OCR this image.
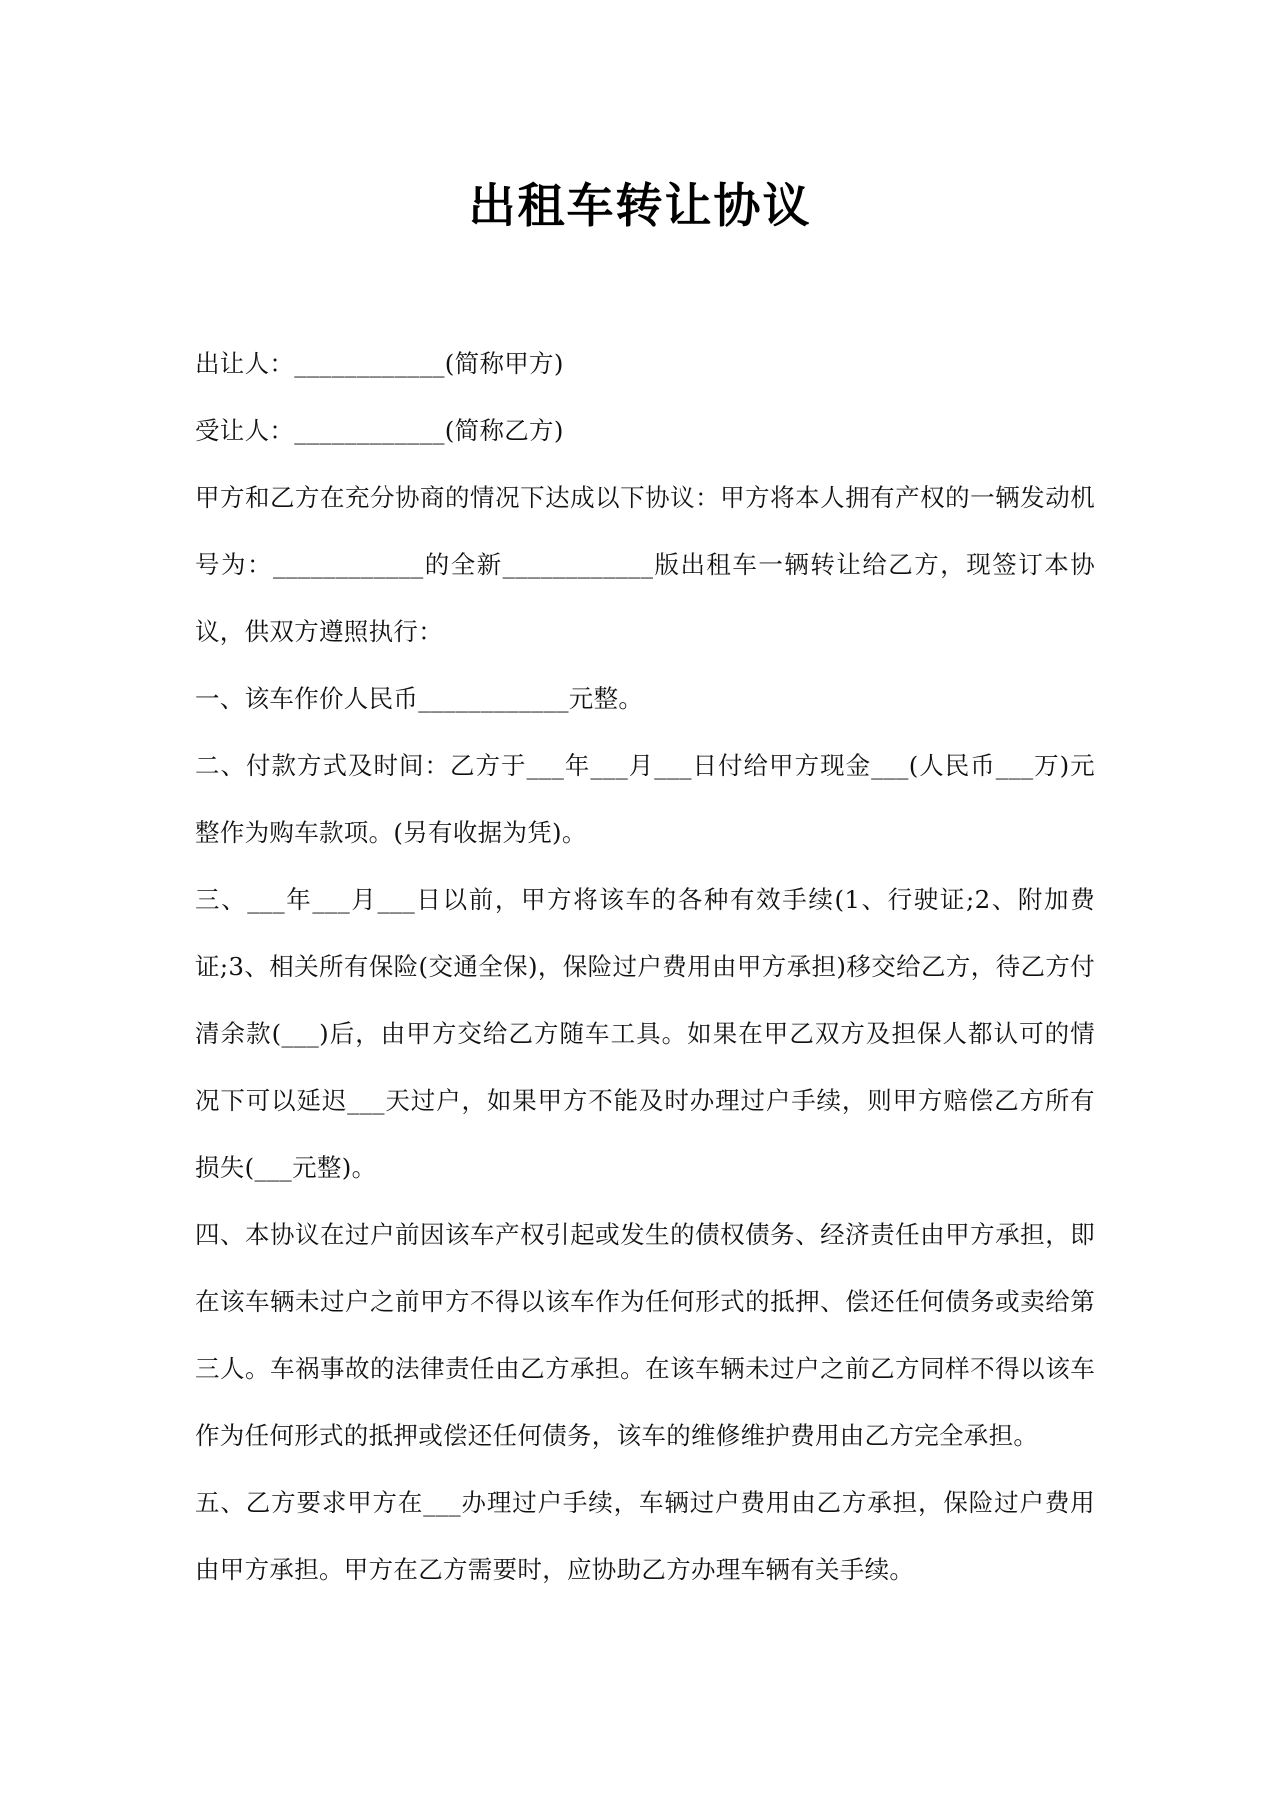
出租车转让协议

出让人：____________(简称甲方)

受让人：____________(简称乙方)

甲方和乙方在充分协商的情况下达成以下协议：甲方将本人拥有产权的一辆发动机号为：____________的全新____________版出租车一辆转让给乙方，现签订本协议，供双方遵照执行：

一、该车作价人民币____________元整。

二、付款方式及时间：乙方于___年___月___日付给甲方现金___(人民币___万)元整作为购车款项。(另有收据为凭)。

三、___年___月___日以前，甲方将该车的各种有效手续(1、行驶证;2、附加费证;3、相关所有保险(交通全保)，保险过户费用由甲方承担)移交给乙方，待乙方付清余款(___)后，由甲方交给乙方随车工具。如果在甲乙双方及担保人都认可的情况下可以延迟___天过户，如果甲方不能及时办理过户手续，则甲方赔偿乙方所有损失(___元整)。

四、本协议在过户前因该车产权引起或发生的债权债务、经济责任由甲方承担，即在该车辆未过户之前甲方不得以该车作为任何形式的抵押、偿还任何债务或卖给第三人。车祸事故的法律责任由乙方承担。在该车辆未过户之前乙方同样不得以该车作为任何形式的抵押或偿还任何债务，该车的维修维护费用由乙方完全承担。

五、乙方要求甲方在___办理过户手续，车辆过户费用由乙方承担，保险过户费用由甲方承担。甲方在乙方需要时，应协助乙方办理车辆有关手续。
